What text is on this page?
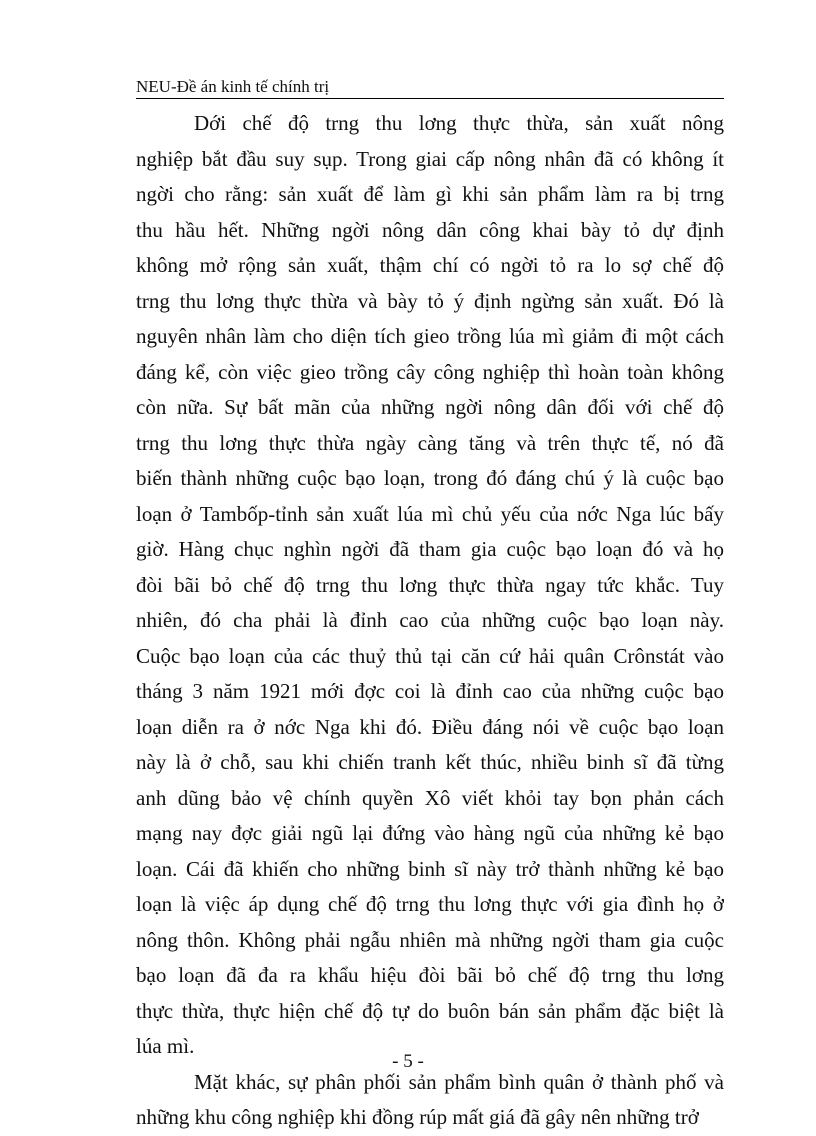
NEU-Đề án kinh tế chính trị
Dới chế độ trng thu lơng thực thừa, sản xuất nông
nghiệp bắt đầu suy sụp. Trong giai cấp nông nhân đã có không ít
ngời cho rằng: sản xuất để làm gì khi sản phẩm làm ra bị trng
thu hầu hết. Những ngời nông dân công khai bày tỏ dự định
không mở rộng sản xuất, thậm chí có ngời tỏ ra lo sợ chế độ
trng thu lơng thực thừa và bày tỏ ý định ngừng sản xuất. Đó là
nguyên nhân làm cho diện tích gieo trồng lúa mì giảm đi một cách
đáng kể, còn việc gieo trồng cây công nghiệp thì hoàn toàn không
còn nữa. Sự bất mãn của những ngời nông dân đối với chế độ
trng thu lơng thực thừa ngày càng tăng và trên thực tế, nó đã
biến thành những cuộc bạo loạn, trong đó đáng chú ý là cuộc bạo
loạn ở Tambốp-tỉnh sản xuất lúa mì chủ yếu của nớc Nga lúc bấy
giờ. Hàng chục nghìn ngời đã tham gia cuộc bạo loạn đó và họ
đòi bãi bỏ chế độ trng thu lơng thực thừa ngay tức khắc. Tuy
nhiên, đó cha phải là đỉnh cao của những cuộc bạo loạn này.
Cuộc bạo loạn của các thuỷ thủ tại căn cứ hải quân Crônstát vào
tháng 3 năm 1921 mới đợc coi là đỉnh cao của những cuộc bạo
loạn diễn ra ở nớc Nga khi đó. Điều đáng nói về cuộc bạo loạn
này là ở chỗ, sau khi chiến tranh kết thúc, nhiều binh sĩ đã từng
anh dũng bảo vệ chính quyền Xô viết khỏi tay bọn phản cách
mạng nay đợc giải ngũ lại đứng vào hàng ngũ của những kẻ bạo
loạn. Cái đã khiến cho những binh sĩ này trở thành những kẻ bạo
loạn là việc áp dụng chế độ trng thu lơng thực với gia đình họ ở
nông thôn. Không phải ngẫu nhiên mà những ngời tham gia cuộc
bạo loạn đã đa ra khẩu hiệu đòi bãi bỏ chế độ trng thu lơng
thực thừa, thực hiện chế độ tự do buôn bán sản phẩm đặc biệt là
lúa mì.
Mặt khác, sự phân phối sản phẩm bình quân ở thành phố và
những khu công nghiệp khi đồng rúp mất giá đã gây nên những trở
- 5 -
